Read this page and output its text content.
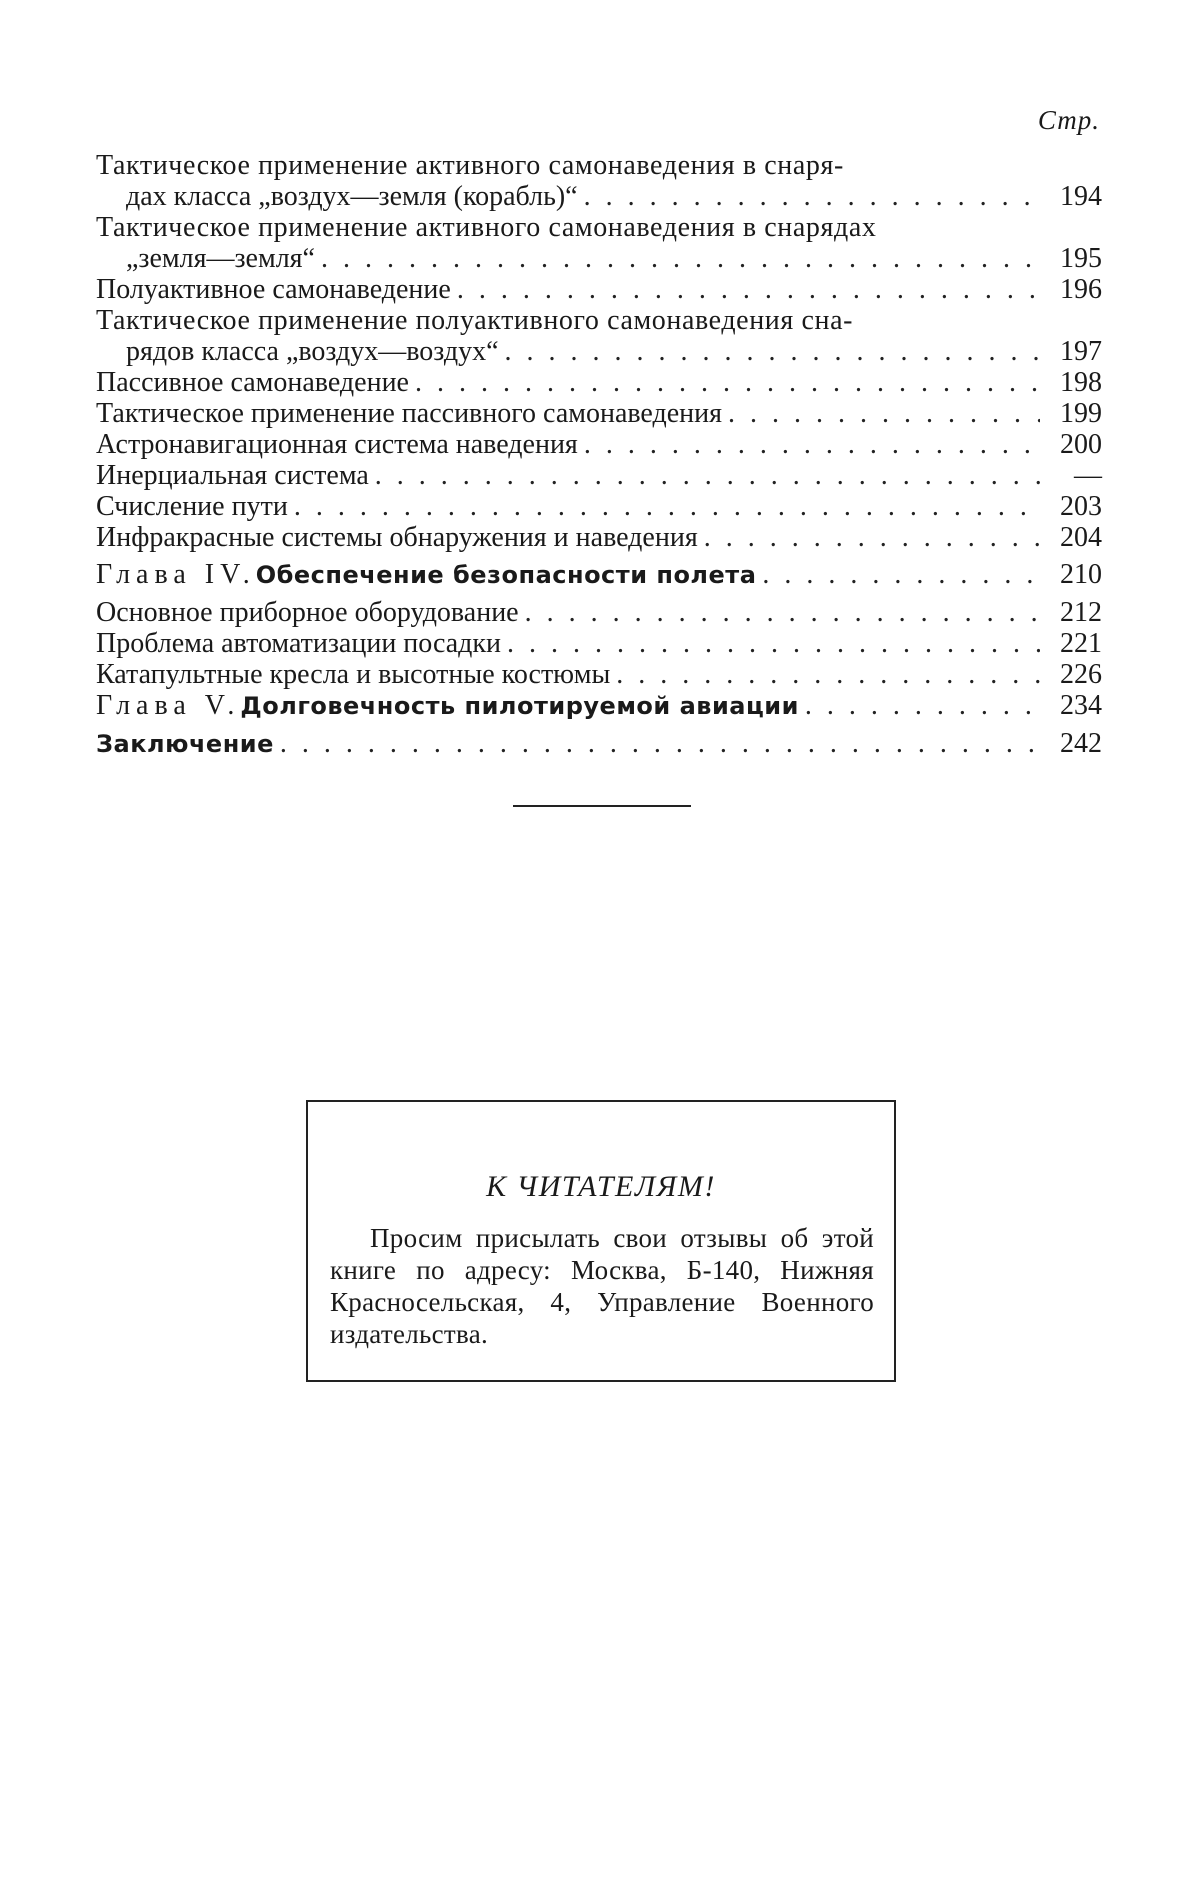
Стр.
Тактическое применение активного самонаведения в снаря-
дах класса „воздух—земля (корабль)“
. . .	194
Тактическое применение активного самонаведения в снарядах
„земля—земля“
. . .	195
Полуактивное самонаведение
. . .	196
Тактическое применение полуактивного самонаведения сна-
рядов класса „воздух—воздух“
. . .	197
Пассивное самонаведение
. . .	198
Тактическое применение пассивного самонаведения
. . .	199
Астронавигационная система наведения
. . .	200
Инерциальная система
. . .	—
Счисление пути
. . .	203
Инфракрасные системы обнаружения и наведения
. . .	204
Глава IV. Обеспечение безопасности полета
. . .	210
Основное приборное оборудование
. . .	212
Проблема автоматизации посадки
. . .	221
Катапультные кресла и высотные костюмы
. . .	226
Глава V. Долговечность пилотируемой авиации
. . .	234
Заключение
. . .	242
К ЧИТАТЕЛЯМ!
Просим присылать свои отзывы об этой книге по адресу: Москва, Б-140, Нижняя Красносельская, 4, Управление Военного издательства.
